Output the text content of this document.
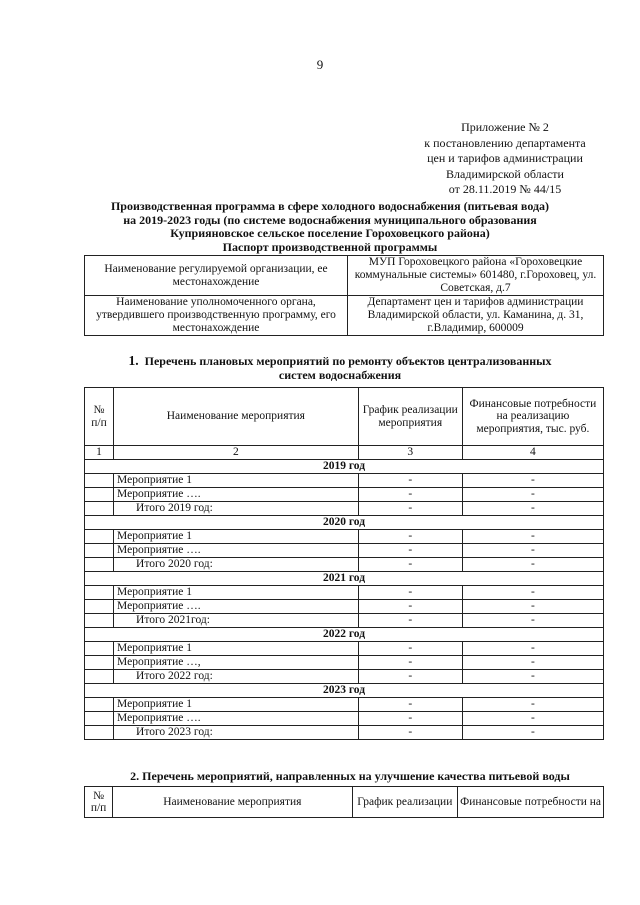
9
Приложение № 2
к постановлению департамента
цен и тарифов администрации
Владимирской области
от 28.11.2019 № 44/15
Производственная программа в сфере холодного водоснабжения (питьевая вода)
на 2019-2023 годы (по системе водоснабжения муниципального образования
Куприяновское сельское поселение Гороховецкого района)
Паспорт производственной программы
Наименование регулируемой организации, ее местонахождение	МУП Гороховецкого района «Гороховецкие коммунальные системы» 601480, г.Гороховец, ул. Советская, д.7
Наименование уполномоченного органа, утвердившего производственную программу, его местонахождение	Департамент цен и тарифов администрации Владимирской области, ул. Каманина, д. 31, г.Владимир, 600009
1. Перечень плановых мероприятий по ремонту объектов централизованных
систем водоснабжения
№ п/п	Наименование мероприятия	График реализации мероприятия	Финансовые потребности на реализацию мероприятия, тыс. руб.
1	2	3	4
2019 год			
	Мероприятие 1	-	-
	Мероприятие ….	-	-
	Итого 2019 год:	-	-
2020 год			
	Мероприятие 1	-	-
	Мероприятие ….	-	-
	Итого 2020 год:	-	-
2021 год			
	Мероприятие 1	-	-
	Мероприятие ….	-	-
	Итого 2021год:	-	-
2022 год			
	Мероприятие 1	-	-
	Мероприятие …,	-	-
	Итого 2022 год:	-	-
2023 год			
	Мероприятие 1	-	-
	Мероприятие ….	-	-
	Итого 2023 год:	-	-
2. Перечень мероприятий, направленных на улучшение качества питьевой воды
№ п/п	Наименование мероприятия	График реализации	Финансовые потребности на
